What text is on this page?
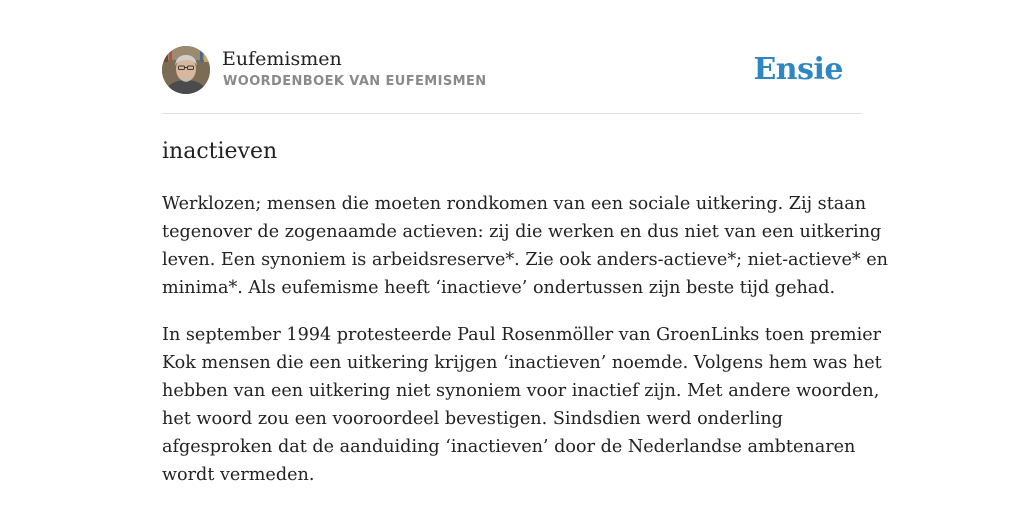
Eufemismen
WOORDENBOEK VAN EUFEMISMEN	Ensie
inactieven

Werklozen; mensen die moeten rondkomen van een sociale uitkering. Zij staan
tegenover de zogenaamde actieven: zij die werken en dus niet van een uitkering
leven. Een synoniem is arbeidsreserve*. Zie ook anders-actieve*; niet-actieve* en
minima*. Als eufemisme heeft ‘inactieve’ ondertussen zijn beste tijd gehad.

In september 1994 protesteerde Paul Rosenmöller van GroenLinks toen premier
Kok mensen die een uitkering krijgen ‘inactieven’ noemde. Volgens hem was het
hebben van een uitkering niet synoniem voor inactief zijn. Met andere woorden,
het woord zou een vooroordeel bevestigen. Sindsdien werd onderling
afgesproken dat de aanduiding ‘inactieven’ door de Nederlandse ambtenaren
wordt vermeden.
